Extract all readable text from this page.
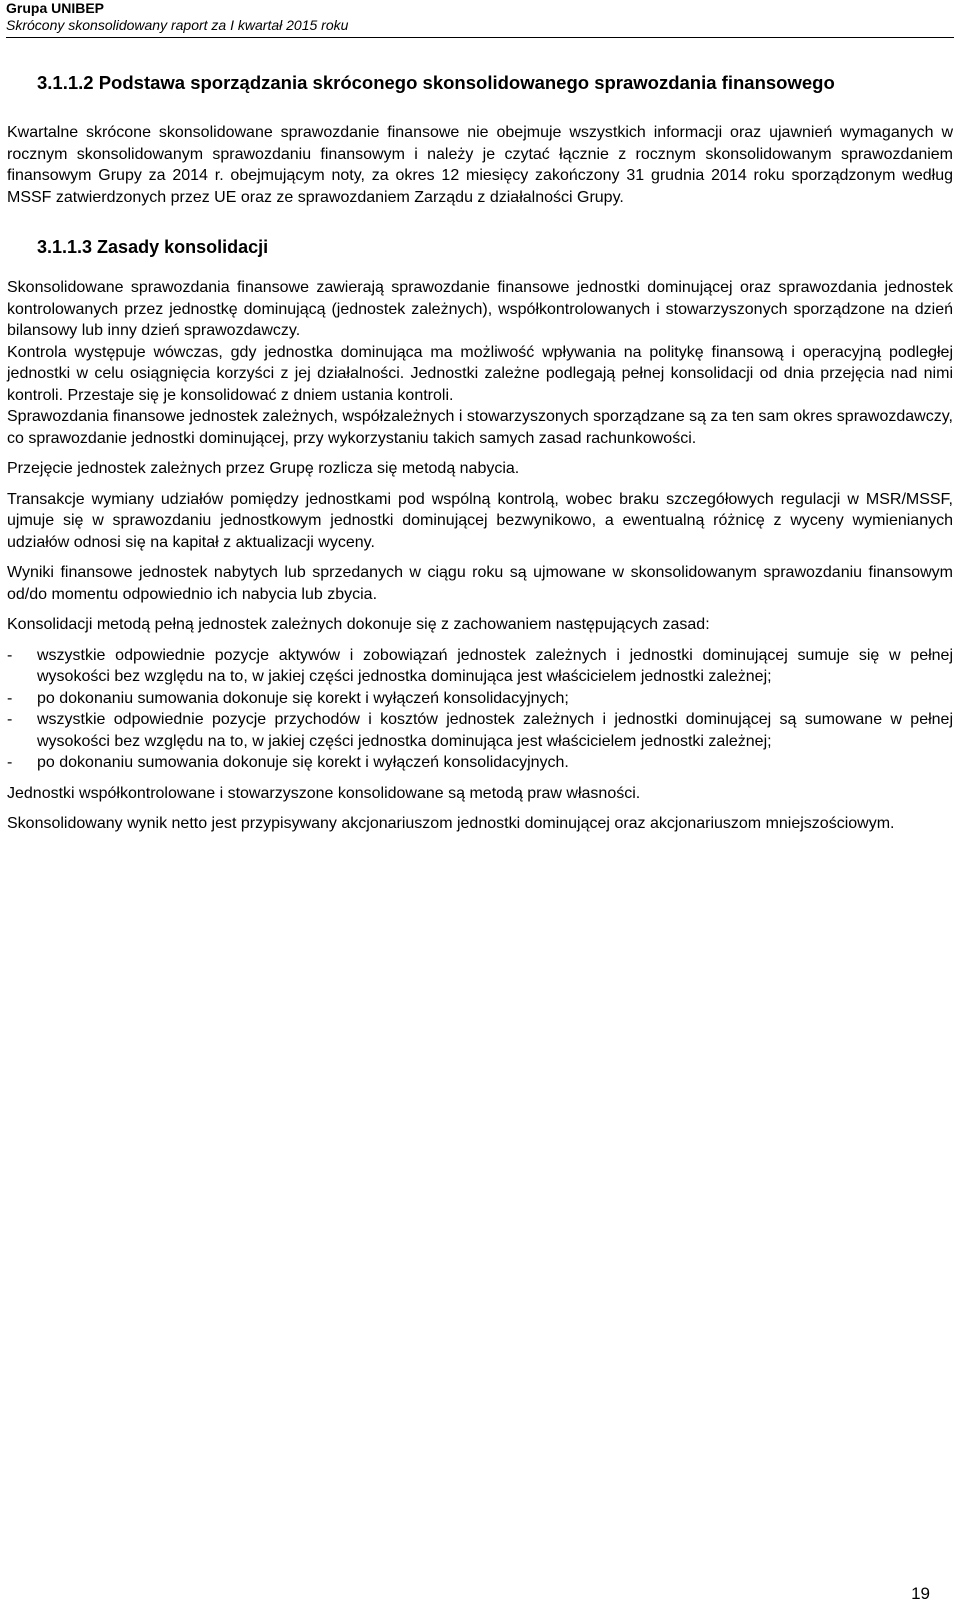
Grupa UNIBEP
Skrócony skonsolidowany raport za I kwartał 2015 roku
3.1.1.2 Podstawa sporządzania skróconego skonsolidowanego sprawozdania finansowego

Kwartalne skrócone skonsolidowane sprawozdanie finansowe nie obejmuje wszystkich informacji oraz ujawnień wymaganych w rocznym skonsolidowanym sprawozdaniu finansowym i należy je czytać łącznie z rocznym skonsolidowanym sprawozdaniem finansowym Grupy za 2014 r. obejmującym noty, za okres 12 miesięcy zakończony 31 grudnia 2014 roku sporządzonym według MSSF zatwierdzonych przez UE oraz ze sprawozdaniem Zarządu z działalności Grupy.

3.1.1.3 Zasady konsolidacji

Skonsolidowane sprawozdania finansowe zawierają sprawozdanie finansowe jednostki dominującej oraz sprawozdania jednostek kontrolowanych przez jednostkę dominującą (jednostek zależnych), współkontrolowanych i stowarzyszonych sporządzone na dzień bilansowy lub inny dzień sprawozdawczy.

Kontrola występuje wówczas, gdy jednostka dominująca ma możliwość wpływania na politykę finansową i operacyjną podległej jednostki w celu osiągnięcia korzyści z jej działalności. Jednostki zależne podlegają pełnej konsolidacji od dnia przejęcia nad nimi kontroli. Przestaje się je konsolidować z dniem ustania kontroli.

Sprawozdania finansowe jednostek zależnych, współzależnych i stowarzyszonych sporządzane są za ten sam okres sprawozdawczy, co sprawozdanie jednostki dominującej, przy wykorzystaniu takich samych zasad rachunkowości.

Przejęcie jednostek zależnych przez Grupę rozlicza się metodą nabycia.

Transakcje wymiany udziałów pomiędzy jednostkami pod wspólną kontrolą, wobec braku szczegółowych regulacji w MSR/MSSF, ujmuje się w sprawozdaniu jednostkowym jednostki dominującej bezwynikowo, a ewentualną różnicę z wyceny wymienianych udziałów odnosi się na kapitał z aktualizacji wyceny.

Wyniki finansowe jednostek nabytych lub sprzedanych w ciągu roku są ujmowane w skonsolidowanym sprawozdaniu finansowym od/do momentu odpowiednio ich nabycia lub zbycia.

Konsolidacji metodą pełną jednostek zależnych dokonuje się z zachowaniem następujących zasad:

- wszystkie odpowiednie pozycje aktywów i zobowiązań jednostek zależnych i jednostki dominującej sumuje się w pełnej wysokości bez względu na to, w jakiej części jednostka dominująca jest właścicielem jednostki zależnej;
- po dokonaniu sumowania dokonuje się korekt i wyłączeń konsolidacyjnych;
- wszystkie odpowiednie pozycje przychodów i kosztów jednostek zależnych i jednostki dominującej są sumowane w pełnej wysokości bez względu na to, w jakiej części jednostka dominująca jest właścicielem jednostki zależnej;
- po dokonaniu sumowania dokonuje się korekt i wyłączeń konsolidacyjnych.

Jednostki współkontrolowane i stowarzyszone konsolidowane są metodą praw własności.

Skonsolidowany wynik netto jest przypisywany akcjonariuszom jednostki dominującej oraz akcjonariuszom mniejszościowym.

19
